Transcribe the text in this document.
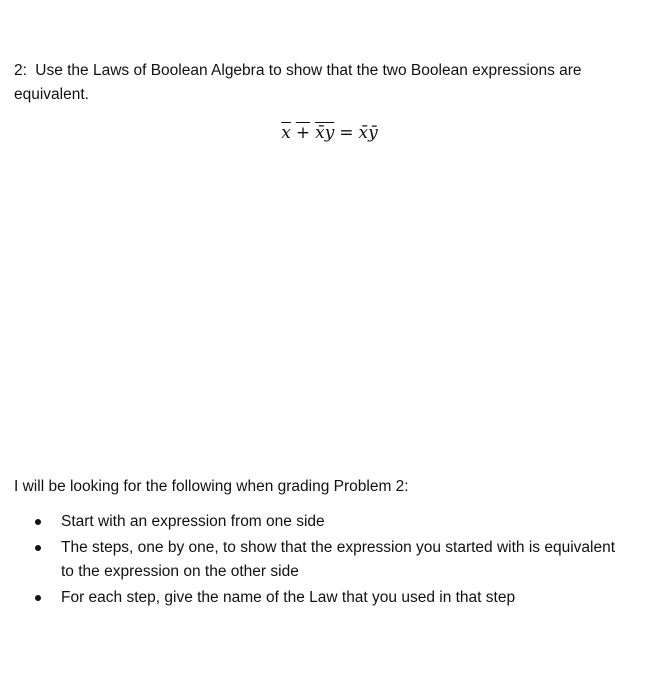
2: Use the Laws of Boolean Algebra to show that the two Boolean expressions are equivalent.
x + x̄y = x̄ȳ
I will be looking for the following when grading Problem 2:
Start with an expression from one side
The steps, one by one, to show that the expression you started with is equivalent to the expression on the other side
For each step, give the name of the Law that you used in that step
